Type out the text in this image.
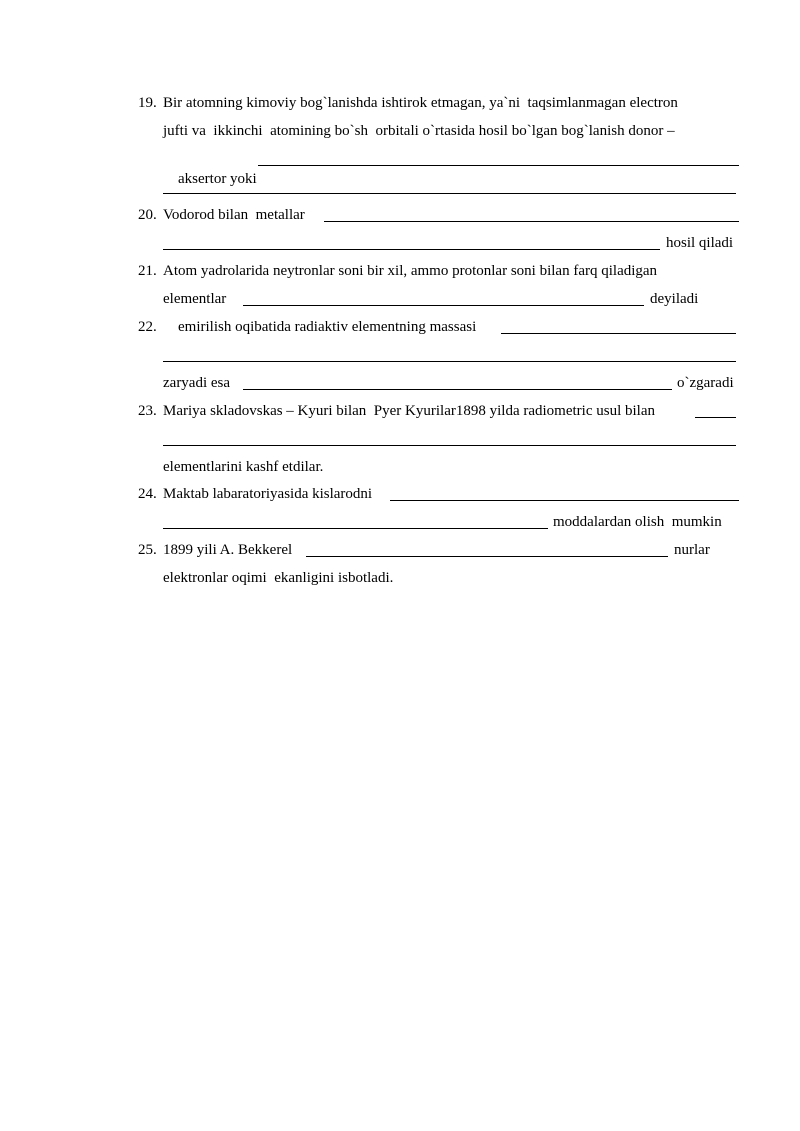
19. Bir atomning kimoviy bog`lanishda ishtirok etmagan, ya`ni  taqsimlanmagan electron
jufti va  ikkinchi  atomining bo`sh  orbitali o`rtasida hosil bo`lgan bog`lanish donor –

aksertor yoki

20. Vodorod bilan  metallar
hosil qiladi
21. Atom yadrolarida neytronlar soni bir xil, ammo protonlar soni bilan farq qiladigan
elementlar	deyiladi
22. emirilish oqibatida radiaktiv elementning massasi
zaryadi esa	o`zgaradi
23. Mariya skladovskas – Kyuri bilan  Pyer Kyurilar1898 yilda radiometric usul bilan
elementlarini kashf etdilar.
24. Maktab labaratoriyasida kislarodni
moddalardan olish  mumkin
25. 1899 yili A. Bekkerel	nurlar
elektronlar oqimi  ekanligini isbotladi.
